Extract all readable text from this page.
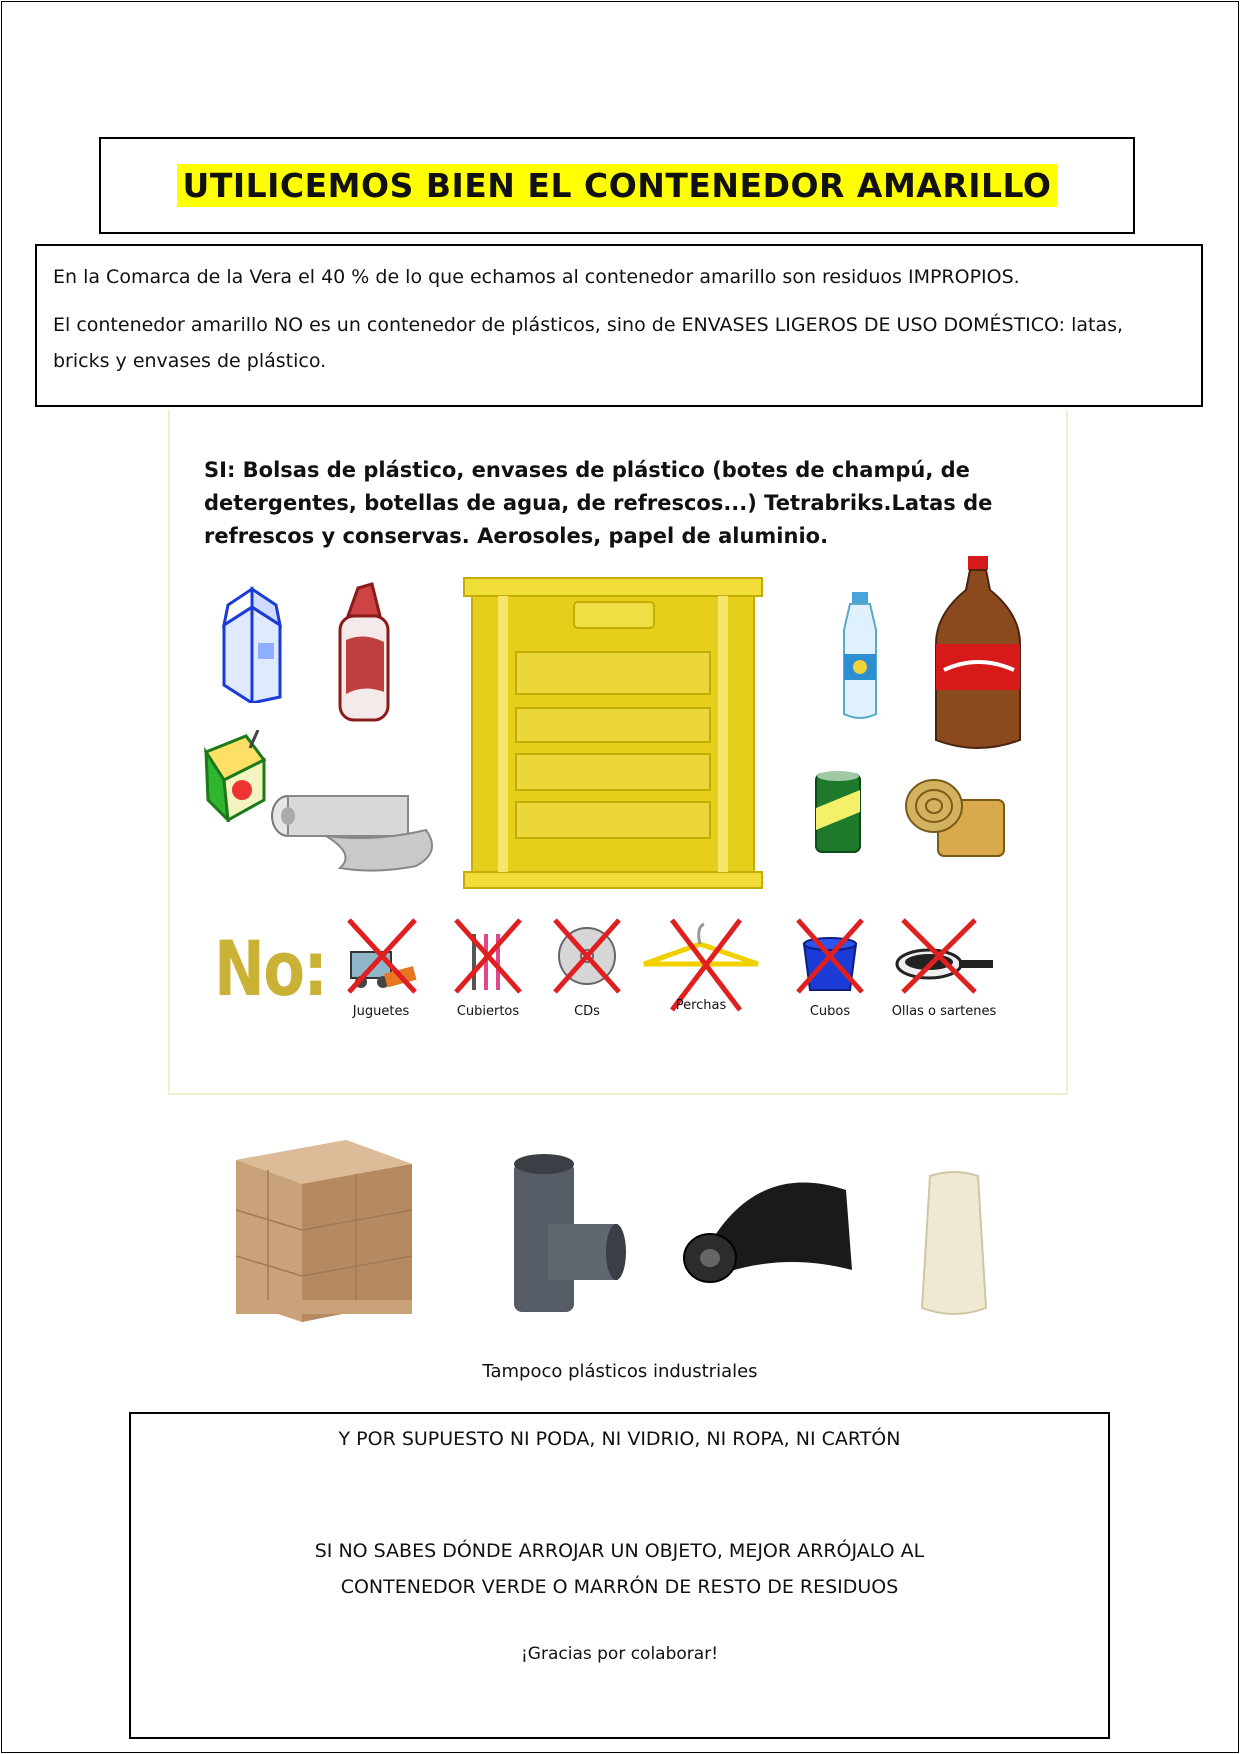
UTILICEMOS BIEN EL CONTENEDOR AMARILLO

En la Comarca de la Vera el 40 % de lo que echamos al contenedor amarillo son residuos IMPROPIOS.

El contenedor amarillo NO es un contenedor de plásticos, sino de ENVASES LIGEROS DE USO DOMÉSTICO: latas, bricks y envases de plástico.

SI: Bolsas de plástico, envases de plástico (botes de champú, de detergentes, botellas de agua, de refrescos...) Tetrabriks.Latas de refrescos y conservas. Aerosoles, papel de aluminio.
No:	Juguetes	Cubiertos	CDs	Perchas	Cubos	Ollas o sartenes
Tampoco plásticos industriales

Y POR SUPUESTO NI PODA, NI VIDRIO, NI ROPA, NI CARTÓN

SI NO SABES DÓNDE ARROJAR UN OBJETO, MEJOR ARRÓJALO AL

CONTENEDOR VERDE O MARRÓN DE RESTO DE RESIDUOS

¡Gracias por colaborar!
